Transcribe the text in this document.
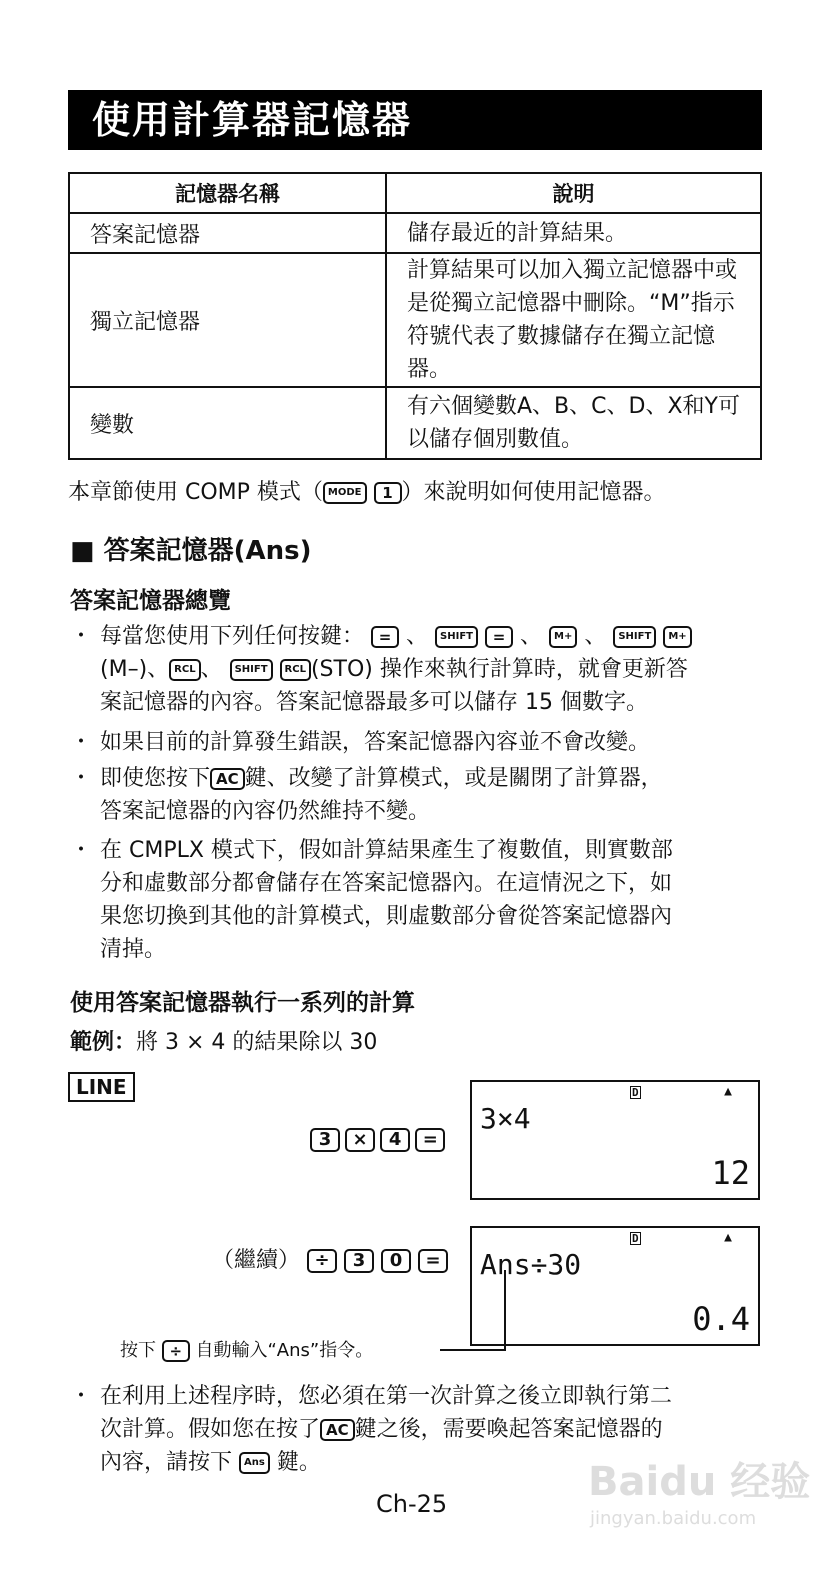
使用計算器記憶器
記憶器名稱	說明
答案記憶器	儲存最近的計算結果。
獨立記憶器	計算結果可以加入獨立記憶器中或是從獨立記憶器中刪除。“M”指示符號代表了數據儲存在獨立記憶器。
變數	有六個變數A、B、C、D、X和Y可以儲存個別數值。
本章節使用 COMP 模式（ MODE 1 ）來說明如何使用記憶器。
■ 答案記憶器(Ans)
答案記憶器總覽
・ 每當您使用下列任何按鍵： = 、 SHIFT = 、 M+ 、 SHIFT M+
(M–)、 RCL 、 SHIFT RCL (STO) 操作來執行計算時，就會更新答
案記憶器的內容。答案記憶器最多可以儲存 15 個數字。
・ 如果目前的計算發生錯誤，答案記憶器內容並不會改變。
・ 即使您按下 AC 鍵、改變了計算模式，或是關閉了計算器，
答案記憶器的內容仍然維持不變。
・ 在 CMPLX 模式下，假如計算結果產生了複數值，則實數部
分和虛數部分都會儲存在答案記憶器內。在這情況之下，如
果您切換到其他的計算模式，則虛數部分會從答案記憶器內
清掉。
使用答案記憶器執行一系列的計算
範例：將 3 × 4 的結果除以 30
LINE
3 × 4 =
D	▲
3×4
12
（繼續） ÷ 3 0 =
D	▲
Ans÷30
0.4
按下 ÷ 自動輸入“Ans”指令。
・ 在利用上述程序時，您必須在第一次計算之後立即執行第二
次計算。假如您在按了 AC 鍵之後，需要喚起答案記憶器的
內容，請按下 Ans 鍵。	Baidu 经验
jingyan.baidu.com
Ch-25
